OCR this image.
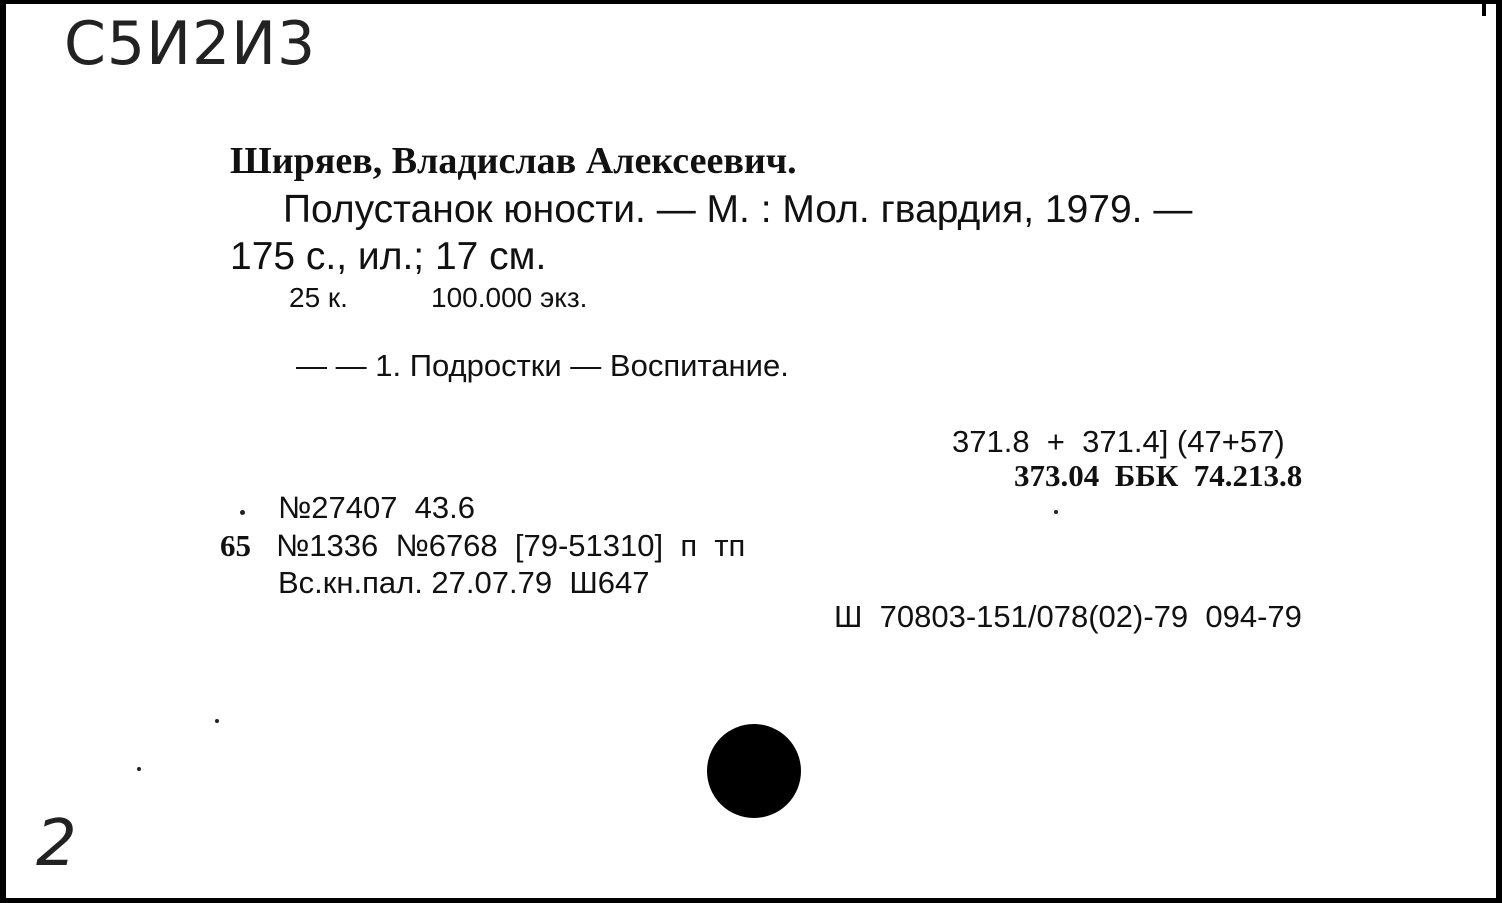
С5И2И3
Ширяев, Владислав Алексеевич.
Полустанок юности. — М. : Мол. гвардия, 1979. —
175 с., ил.; 17 см.
25 к.	100.000 экз.
— — 1. Подростки — Воспитание.
371.8  +  371.4] (47+57)
373.04  ББК  74.213.8
№27407  43.6
65 №1336  №6768  [79-51310]  п  тп
Вс.кн.пал. 27.07.79  Ш647
Ш  70803-151/078(02)-79  094-79
2
